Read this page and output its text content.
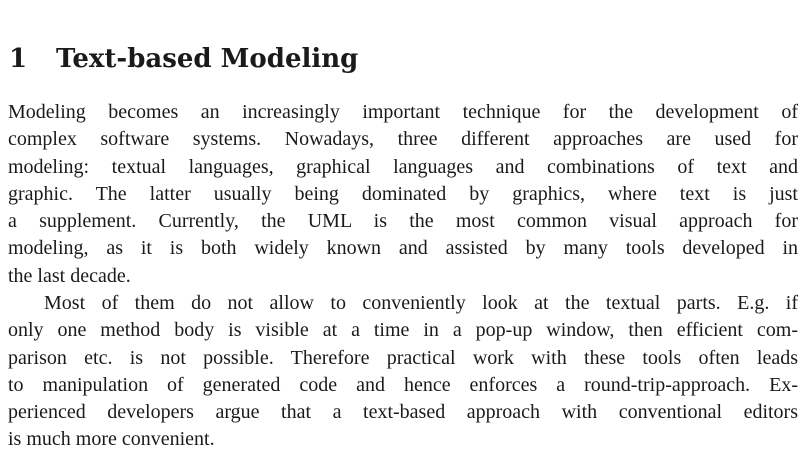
1 Text-based Modeling

Modeling becomes an increasingly important technique for the development of
complex software systems. Nowadays, three different approaches are used for
modeling: textual languages, graphical languages and combinations of text and
graphic. The latter usually being dominated by graphics, where text is just
a supplement. Currently, the UML is the most common visual approach for
modeling, as it is both widely known and assisted by many tools developed in
the last decade.

Most of them do not allow to conveniently look at the textual parts. E.g. if
only one method body is visible at a time in a pop-up window, then efficient com-
parison etc. is not possible. Therefore practical work with these tools often leads
to manipulation of generated code and hence enforces a round-trip-approach. Ex-
perienced developers argue that a text-based approach with conventional editors
is much more convenient.
